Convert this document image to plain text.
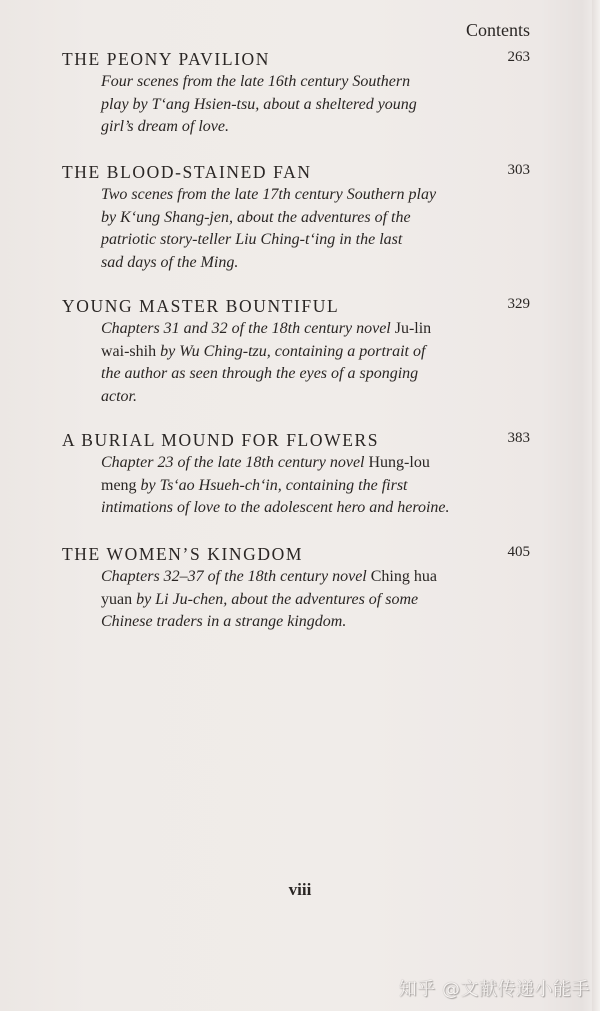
Contents
THE PEONY PAVILION	263
Four scenes from the late 16th century Southern
play by T‘ang Hsien-tsu, about a sheltered young
girl’s dream of love.
THE BLOOD-STAINED FAN	303
Two scenes from the late 17th century Southern play
by K‘ung Shang-jen, about the adventures of the
patriotic story-teller Liu Ching-t‘ing in the last
sad days of the Ming.
YOUNG MASTER BOUNTIFUL	329
Chapters 31 and 32 of the 18th century novel Ju-lin
wai-shih by Wu Ching-tzu, containing a portrait of
the author as seen through the eyes of a sponging
actor.
A BURIAL MOUND FOR FLOWERS	383
Chapter 23 of the late 18th century novel Hung-lou
meng by Ts‘ao Hsueh-ch‘in, containing the first
intimations of love to the adolescent hero and heroine.
THE WOMEN’S KINGDOM	405
Chapters 32–37 of the 18th century novel Ching hua
yuan by Li Ju-chen, about the adventures of some
Chinese traders in a strange kingdom.
viii
知乎 @文献传递小能手
